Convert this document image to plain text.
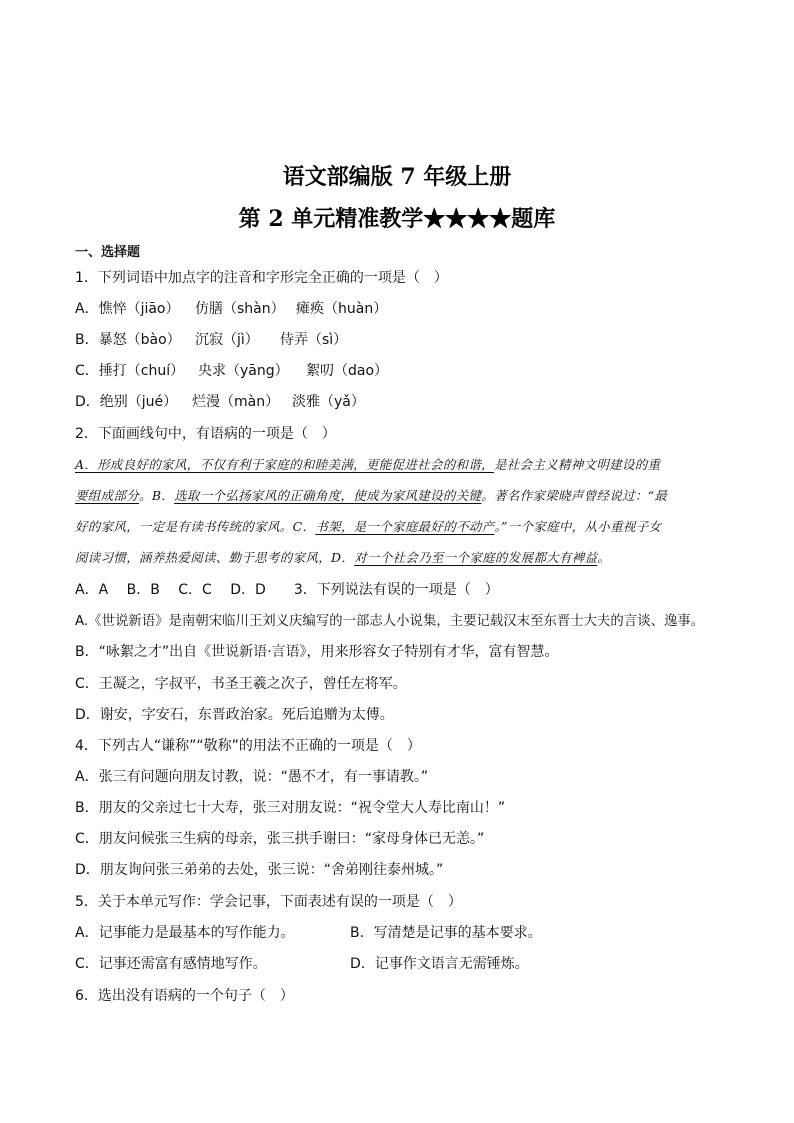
语文部编版 7 年级上册
第 2 单元精准教学★★★★题库
一、选择题
1．下列词语中加点字的注音和字形完全正确的一项是（　）
A．憔悴（jiāo） 仿膳（shàn） 瘫痪（huàn）
B．暴怒（bào） 沉寂（jì） 侍弄（sì）
C．捶打（chuí） 央求（yāng） 絮叨（dao）
D．绝别（jué） 烂漫（màn） 淡雅（yǎ）
2．下面画线句中，有语病的一项是（　）
A．形成良好的家风，不仅有利于家庭的和睦美满，更能促进社会的和谐，是社会主义精神文明建设的重
要组成部分。B．选取一个弘扬家风的正确角度，使成为家风建设的关键。著名作家梁晓声曾经说过：“最
好的家风，一定是有读书传统的家风。C．书架，是一个家庭最好的不动产。”一个家庭中，从小重视子女
阅读习惯，涵养热爱阅读、勤于思考的家风，D．对一个社会乃至一个家庭的发展都大有裨益。
A．A　 B．B　 C．C　 D．D　　3．下列说法有误的一项是（　）
A.《世说新语》是南朝宋临川王刘义庆编写的一部志人小说集，主要记载汉末至东晋士大夫的言谈、逸事。
B．“咏絮之才”出自《世说新语·言语》，用来形容女子特别有才华，富有智慧。
C．王凝之，字叔平，书圣王羲之次子，曾任左将军。
D．谢安，字安石，东晋政治家。死后追赠为太傅。
4．下列古人“谦称”“敬称”的用法不正确的一项是（　）
A．张三有问题向朋友讨教，说：“愚不才，有一事请教。”
B．朋友的父亲过七十大寿，张三对朋友说：“祝令堂大人寿比南山！”
C．朋友问候张三生病的母亲，张三拱手谢曰：“家母身体已无恙。”
D．朋友询问张三弟弟的去处，张三说：“舍弟刚往泰州城。”
5．关于本单元写作：学会记事，下面表述有误的一项是（　）
A．记事能力是最基本的写作能力。	B．写清楚是记事的基本要求。
C．记事还需富有感情地写作。	D．记事作文语言无需锤炼。
6．选出没有语病的一个句子（　）
